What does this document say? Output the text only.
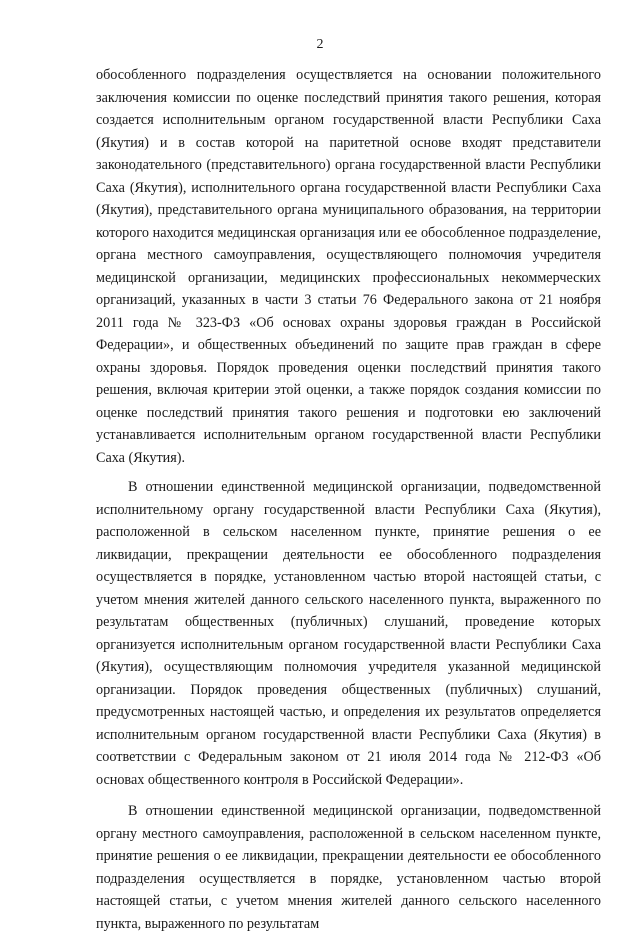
2

обособленного подразделения осуществляется на основании положительного заключения комиссии по оценке последствий принятия такого решения, которая создается исполнительным органом государственной власти Республики Саха (Якутия) и в состав которой на паритетной основе входят представители законодательного (представительного) органа государственной власти Республики Саха (Якутия), исполнительного органа государственной власти Республики Саха (Якутия), представительного органа муниципального образования, на территории которого находится медицинская организация или ее обособленное подразделение, органа местного самоуправления, осуществляющего полномочия учредителя медицинской организации, медицинских профессиональных некоммерческих организаций, указанных в части 3 статьи 76 Федерального закона от 21 ноября 2011 года № 323-ФЗ «Об основах охраны здоровья граждан в Российской Федерации», и общественных объединений по защите прав граждан в сфере охраны здоровья. Порядок проведения оценки последствий принятия такого решения, включая критерии этой оценки, а также порядок создания комиссии по оценке последствий принятия такого решения и подготовки ею заключений устанавливается исполнительным органом государственной власти Республики Саха (Якутия).

В отношении единственной медицинской организации, подведомственной исполнительному органу государственной власти Республики Саха (Якутия), расположенной в сельском населенном пункте, принятие решения о ее ликвидации, прекращении деятельности ее обособленного подразделения осуществляется в порядке, установленном частью второй настоящей статьи, с учетом мнения жителей данного сельского населенного пункта, выраженного по результатам общественных (публичных) слушаний, проведение которых организуется исполнительным органом государственной власти Республики Саха (Якутия), осуществляющим полномочия учредителя указанной медицинской организации. Порядок проведения общественных (публичных) слушаний, предусмотренных настоящей частью, и определения их результатов определяется исполнительным органом государственной власти Республики Саха (Якутия) в соответствии с Федеральным законом от 21 июля 2014 года № 212-ФЗ «Об основах общественного контроля в Российской Федерации».

В отношении единственной медицинской организации, подведомственной органу местного самоуправления, расположенной в сельском населенном пункте, принятие решения о ее ликвидации, прекращении деятельности ее обособленного подразделения осуществляется в порядке, установленном частью второй настоящей статьи, с учетом мнения жителей данного сельского населенного пункта, выраженного по результатам
